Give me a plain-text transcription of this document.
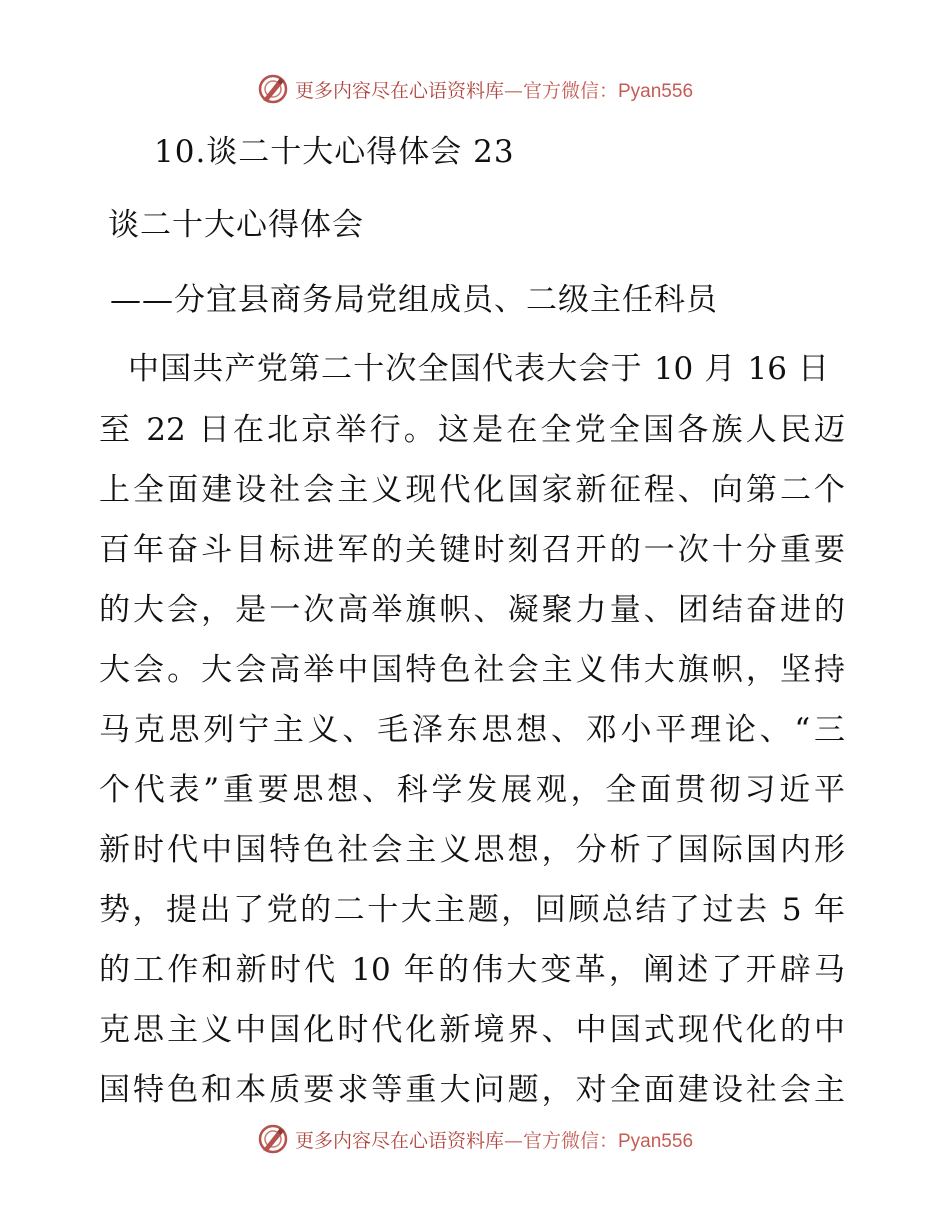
更多内容尽在心语资料库—官方微信：Pyan556
10.谈二十大心得体会 23
谈二十大心得体会
——分宜县商务局党组成员、二级主任科员
中国共产党第二十次全国代表大会于 10 月 16 日
至 22 日在北京举行。这是在全党全国各族人民迈
上全面建设社会主义现代化国家新征程、向第二个
百年奋斗目标进军的关键时刻召开的一次十分重要
的大会，是一次高举旗帜、凝聚力量、团结奋进的
大会。大会高举中国特色社会主义伟大旗帜，坚持
马克思列宁主义、毛泽东思想、邓小平理论、“三
个代表”重要思想、科学发展观，全面贯彻习近平
新时代中国特色社会主义思想，分析了国际国内形
势，提出了党的二十大主题，回顾总结了过去 5 年
的工作和新时代 10 年的伟大变革，阐述了开辟马
克思主义中国化时代化新境界、中国式现代化的中
国特色和本质要求等重大问题，对全面建设社会主
更多内容尽在心语资料库—官方微信：Pyan556
